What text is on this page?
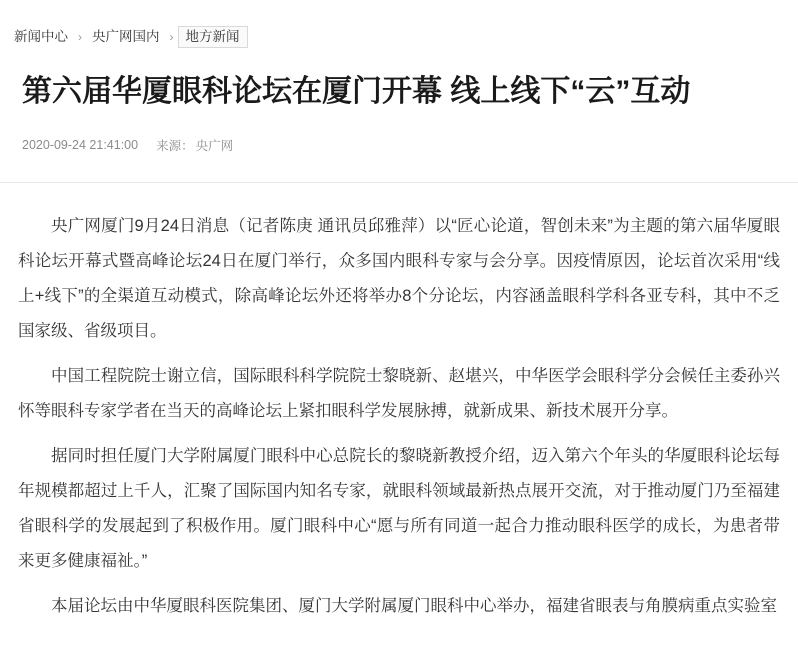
新闻中心 › 央广网国内 › 地方新闻
第六届华厦眼科论坛在厦门开幕 线上线下“云”互动
2020-09-24 21:41:00 来源： 央广网

央广网厦门9月24日消息（记者陈庚 通讯员邱雅萍）以“匠心论道，智创未来”为主题的第六届华厦眼科论坛开幕式暨高峰论坛24日在厦门举行，众多国内眼科专家与会分享。因疫情原因，论坛首次采用“线上+线下”的全渠道互动模式，除高峰论坛外还将举办8个分论坛，内容涵盖眼科学科各亚专科，其中不乏国家级、省级项目。

中国工程院院士谢立信，国际眼科科学院院士黎晓新、赵堪兴，中华医学会眼科学分会候任主委孙兴怀等眼科专家学者在当天的高峰论坛上紧扣眼科学发展脉搏，就新成果、新技术展开分享。

据同时担任厦门大学附属厦门眼科中心总院长的黎晓新教授介绍，迈入第六个年头的华厦眼科论坛每年规模都超过上千人，汇聚了国际国内知名专家，就眼科领域最新热点展开交流，对于推动厦门乃至福建省眼科学的发展起到了积极作用。厦门眼科中心“愿与所有同道一起合力推动眼科医学的成长，为患者带来更多健康福祉。”

本届论坛由中华厦眼科医院集团、厦门大学附属厦门眼科中心举办，福建省眼表与角膜病重点实验室
